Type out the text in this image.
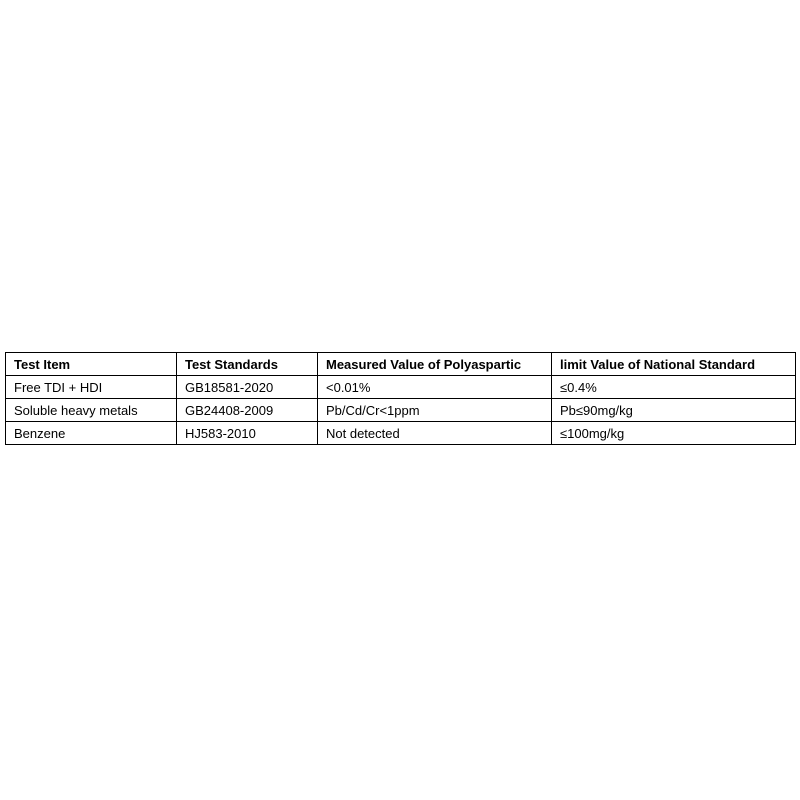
Test Item	Test Standards	Measured Value of Polyaspartic	limit Value of National Standard
Free TDI + HDI	GB18581-2020	<0.01%	≤0.4%
Soluble heavy metals	GB24408-2009	Pb/Cd/Cr<1ppm	Pb≤90mg/kg
Benzene	HJ583-2010	Not detected	≤100mg/kg
